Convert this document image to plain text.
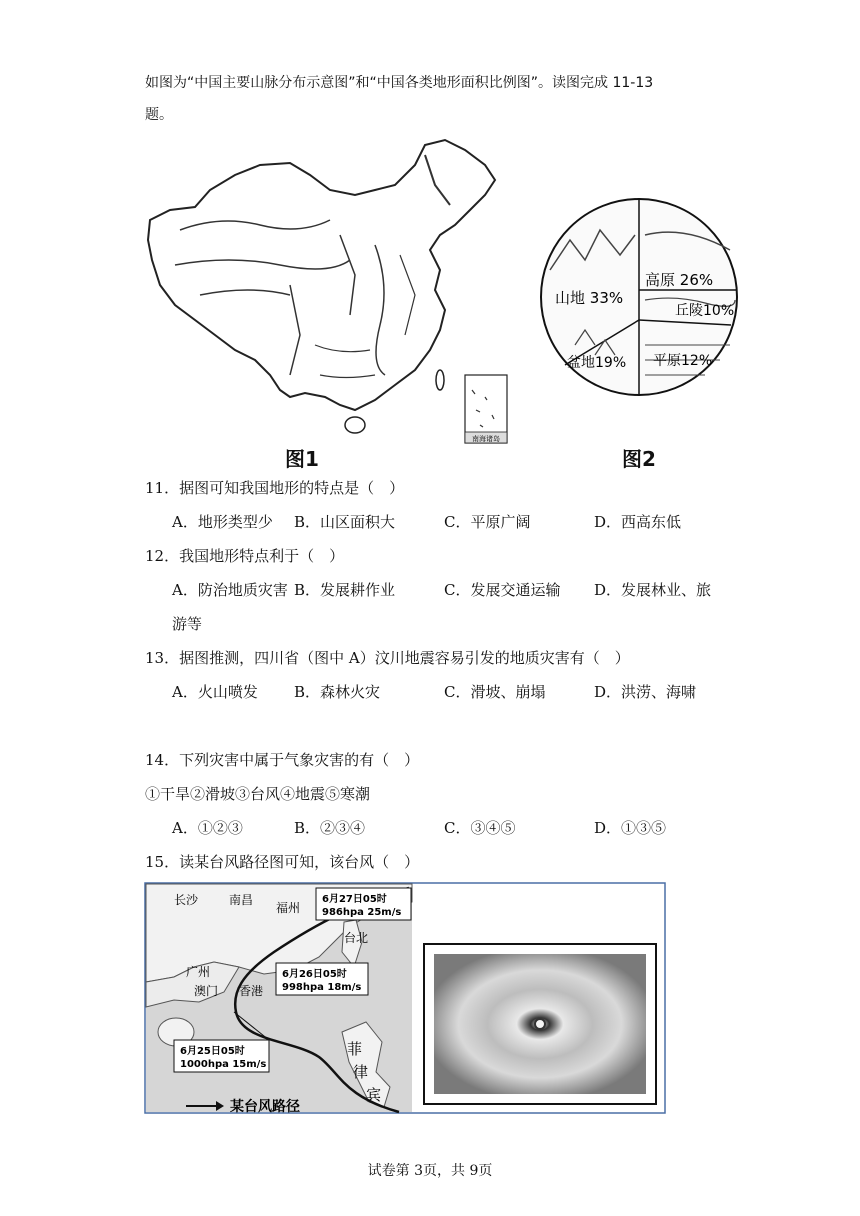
如图为“中国主要山脉分布示意图”和“中国各类地形面积比例图”。读图完成 11-13
题。
南海诸岛
图1
山地 33%
高原 26%
丘陵10%
平原12%
盆地19%
图2
11．据图可知我国地形的特点是（　）
A．地形类型少 B．山区面积大	C．平原广阔	D．西高东低
12．我国地形特点利于（　）
A．防治地质灾害 B．发展耕作业	C．发展交通运输 D．发展林业、旅
游等
13．据图推测，四川省（图中 A）汶川地震容易引发的地质灾害有（　）
A．火山喷发 B．森林火灾	C．滑坡、崩塌	D．洪涝、海啸
14．下列灾害中属于气象灾害的有（　）
①干旱②滑坡③台风④地震⑤寒潮
A．①②③	B．②③④	C．③④⑤	D．①③⑤
15．读某台风路径图可知，该台风（　）
长沙	南昌
福州
台北
广州
澳门 香港
菲
律
宾
6月27日05时
986hpa 25m/s
6月26日05时
998hpa 18m/s
6月25日05时
1000hpa 15m/s
某台风路径
试卷第 3页，共 9页
